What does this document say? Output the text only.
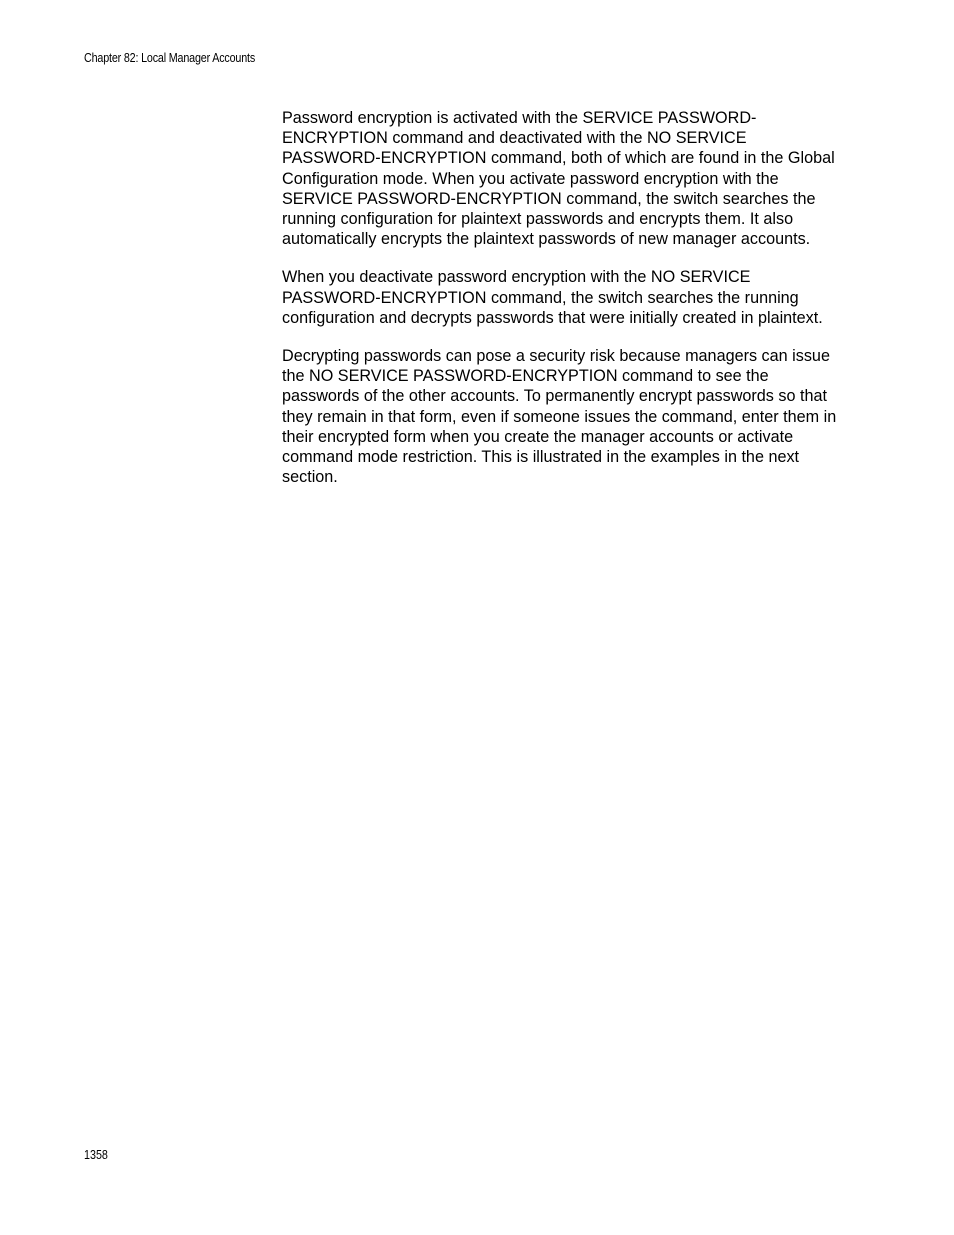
Chapter 82: Local Manager Accounts

Password encryption is activated with the SERVICE PASSWORD-ENCRYPTION command and deactivated with the NO SERVICE PASSWORD-ENCRYPTION command, both of which are found in the Global Configuration mode. When you activate password encryption with the SERVICE PASSWORD-ENCRYPTION command, the switch searches the running configuration for plaintext passwords and encrypts them. It also automatically encrypts the plaintext passwords of new manager accounts.

When you deactivate password encryption with the NO SERVICE PASSWORD-ENCRYPTION command, the switch searches the running configuration and decrypts passwords that were initially created in plaintext.

Decrypting passwords can pose a security risk because managers can issue the NO SERVICE PASSWORD-ENCRYPTION command to see the passwords of the other accounts. To permanently encrypt passwords so that they remain in that form, even if someone issues the command, enter them in their encrypted form when you create the manager accounts or activate command mode restriction. This is illustrated in the examples in the next section.

1358
